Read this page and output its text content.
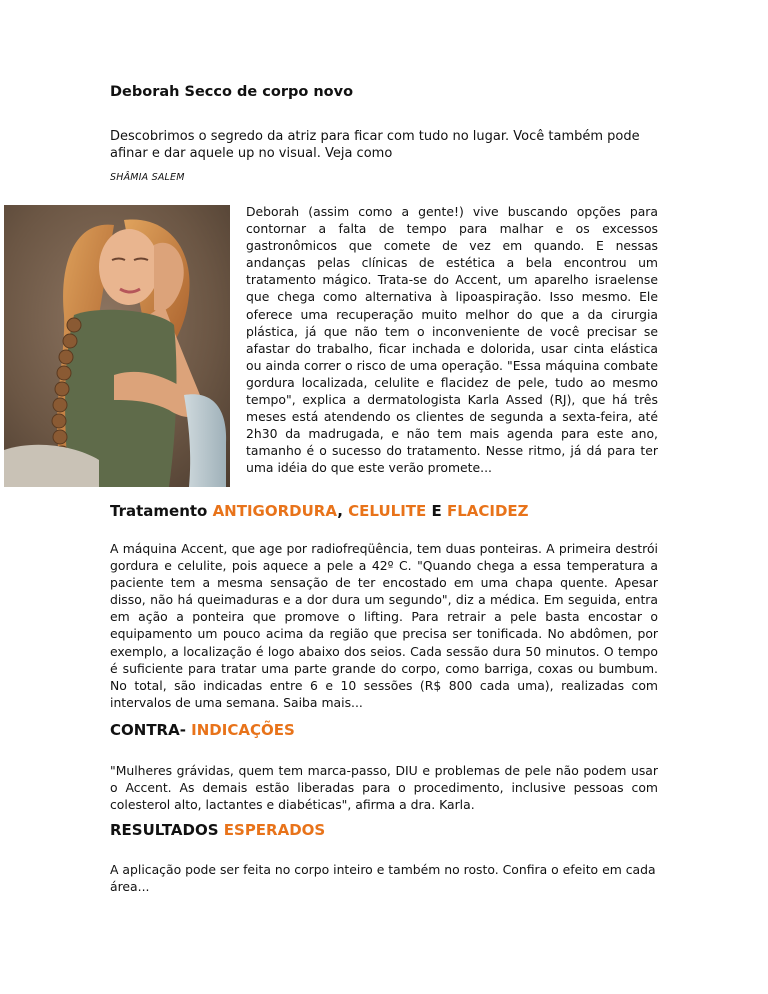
Deborah Secco de corpo novo
Descobrimos o segredo da atriz para ficar com tudo no lugar. Você também pode afinar e dar aquele up no visual. Veja como
SHÂMIA SALEM
Deborah (assim como a gente!) vive buscando opções para contornar a falta de tempo para malhar e os excessos gastronômicos que comete de vez em quando. E nessas andanças pelas clínicas de estética a bela encontrou um tratamento mágico. Trata-se do Accent, um aparelho israelense que chega como alternativa à lipoaspiração. Isso mesmo. Ele oferece uma recuperação muito melhor do que a da cirurgia plástica, já que não tem o inconveniente de você precisar se afastar do trabalho, ficar inchada e dolorida, usar cinta elástica ou ainda correr o risco de uma operação. "Essa máquina combate gordura localizada, celulite e flacidez de pele, tudo ao mesmo tempo", explica a dermatologista Karla Assed (RJ), que há três meses está atendendo os clientes de segunda a sexta-feira, até 2h30 da madrugada, e não tem mais agenda para este ano, tamanho é o sucesso do tratamento. Nesse ritmo, já dá para ter uma idéia do que este verão promete...
Tratamento ANTIGORDURA, CELULITE E FLACIDEZ
A máquina Accent, que age por radiofreqüência, tem duas ponteiras. A primeira destrói gordura e celulite, pois aquece a pele a 42º C. "Quando chega a essa temperatura a paciente tem a mesma sensação de ter encostado em uma chapa quente. Apesar disso, não há queimaduras e a dor dura um segundo", diz a médica. Em seguida, entra em ação a ponteira que promove o lifting. Para retrair a pele basta encostar o equipamento um pouco acima da região que precisa ser tonificada. No abdômen, por exemplo, a localização é logo abaixo dos seios. Cada sessão dura 50 minutos. O tempo é suficiente para tratar uma parte grande do corpo, como barriga, coxas ou bumbum. No total, são indicadas entre 6 e 10 sessões (R$ 800 cada uma), realizadas com intervalos de uma semana. Saiba mais...
CONTRA- INDICAÇÕES
"Mulheres grávidas, quem tem marca-passo, DIU e problemas de pele não podem usar o Accent. As demais estão liberadas para o procedimento, inclusive pessoas com colesterol alto, lactantes e diabéticas", afirma a dra. Karla.
RESULTADOS ESPERADOS
A aplicação pode ser feita no corpo inteiro e também no rosto. Confira o efeito em cada área...
